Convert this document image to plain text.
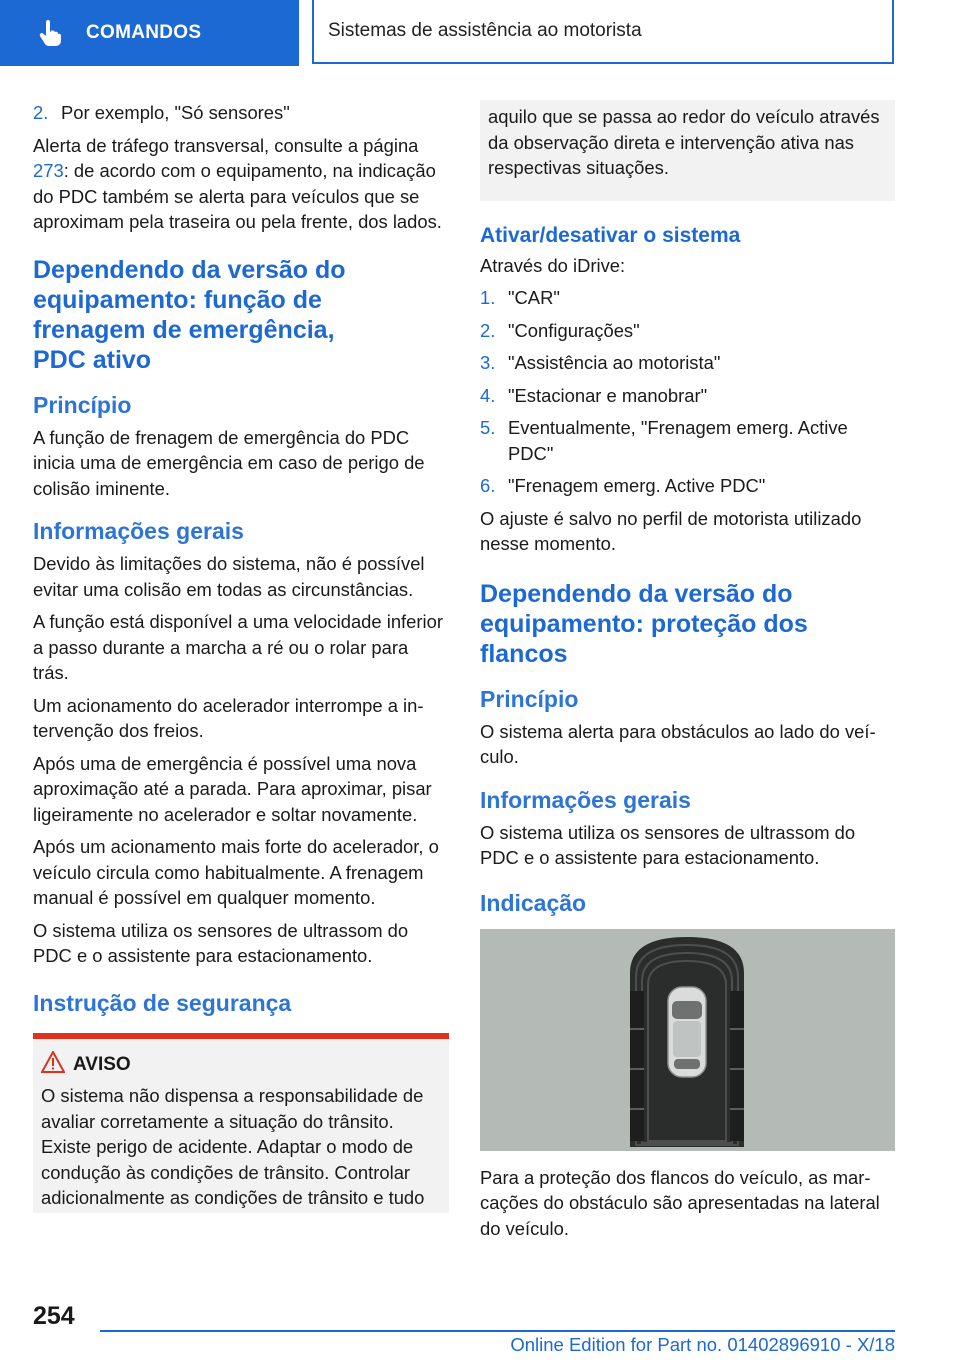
COMANDOS	Sistemas de assistência ao motorista
2. Por exemplo, "Só sensores"

Alerta de tráfego transversal, consulte a página 273: de acordo com o equipamento, na indicação do PDC também se alerta para veículos que se aproximam pela traseira ou pela frente, dos lados.

Dependendo da versão do equipamento: função de frenagem de emergência, PDC ativo
Princípio

A função de frenagem de emergência do PDC inicia uma de emergência em caso de perigo de colisão iminente.

Informações gerais

Devido às limitações do sistema, não é possível evitar uma colisão em todas as circunstâncias.

A função está disponível a uma velocidade inferior a passo durante a marcha a ré ou o rolar para trás.

Um acionamento do acelerador interrompe a intervenção dos freios.

Após uma de emergência é possível uma nova aproximação até a parada. Para aproximar, pisar ligeiramente no acelerador e soltar novamente.

Após um acionamento mais forte do acelerador, o veículo circula como habitualmente. A frenagem manual é possível em qualquer momento.

O sistema utiliza os sensores de ultrassom do PDC e o assistente para estacionamento.

Instrução de segurança
AVISO
O sistema não dispensa a responsabilidade de avaliar corretamente a situação do trânsito. Existe perigo de acidente. Adaptar o modo de condução às condições de trânsito. Controlar adicionalmente as condições de trânsito e tudo
aquilo que se passa ao redor do veículo através da observação direta e intervenção ativa nas respectivas situações.
Ativar/desativar o sistema

Através do iDrive:

1. "CAR"
2. "Configurações"
3. "Assistência ao motorista"
4. "Estacionar e manobrar"
5. Eventualmente, "Frenagem emerg. Active PDC"
6. "Frenagem emerg. Active PDC"

O ajuste é salvo no perfil de motorista utilizado nesse momento.

Dependendo da versão do equipamento: proteção dos flancos
Princípio

O sistema alerta para obstáculos ao lado do veículo.

Informações gerais

O sistema utiliza os sensores de ultrassom do PDC e o assistente para estacionamento.

Indicação

Para a proteção dos flancos do veículo, as marcações do obstáculo são apresentadas na lateral do veículo.

254
Online Edition for Part no. 01402896910 - X/18
